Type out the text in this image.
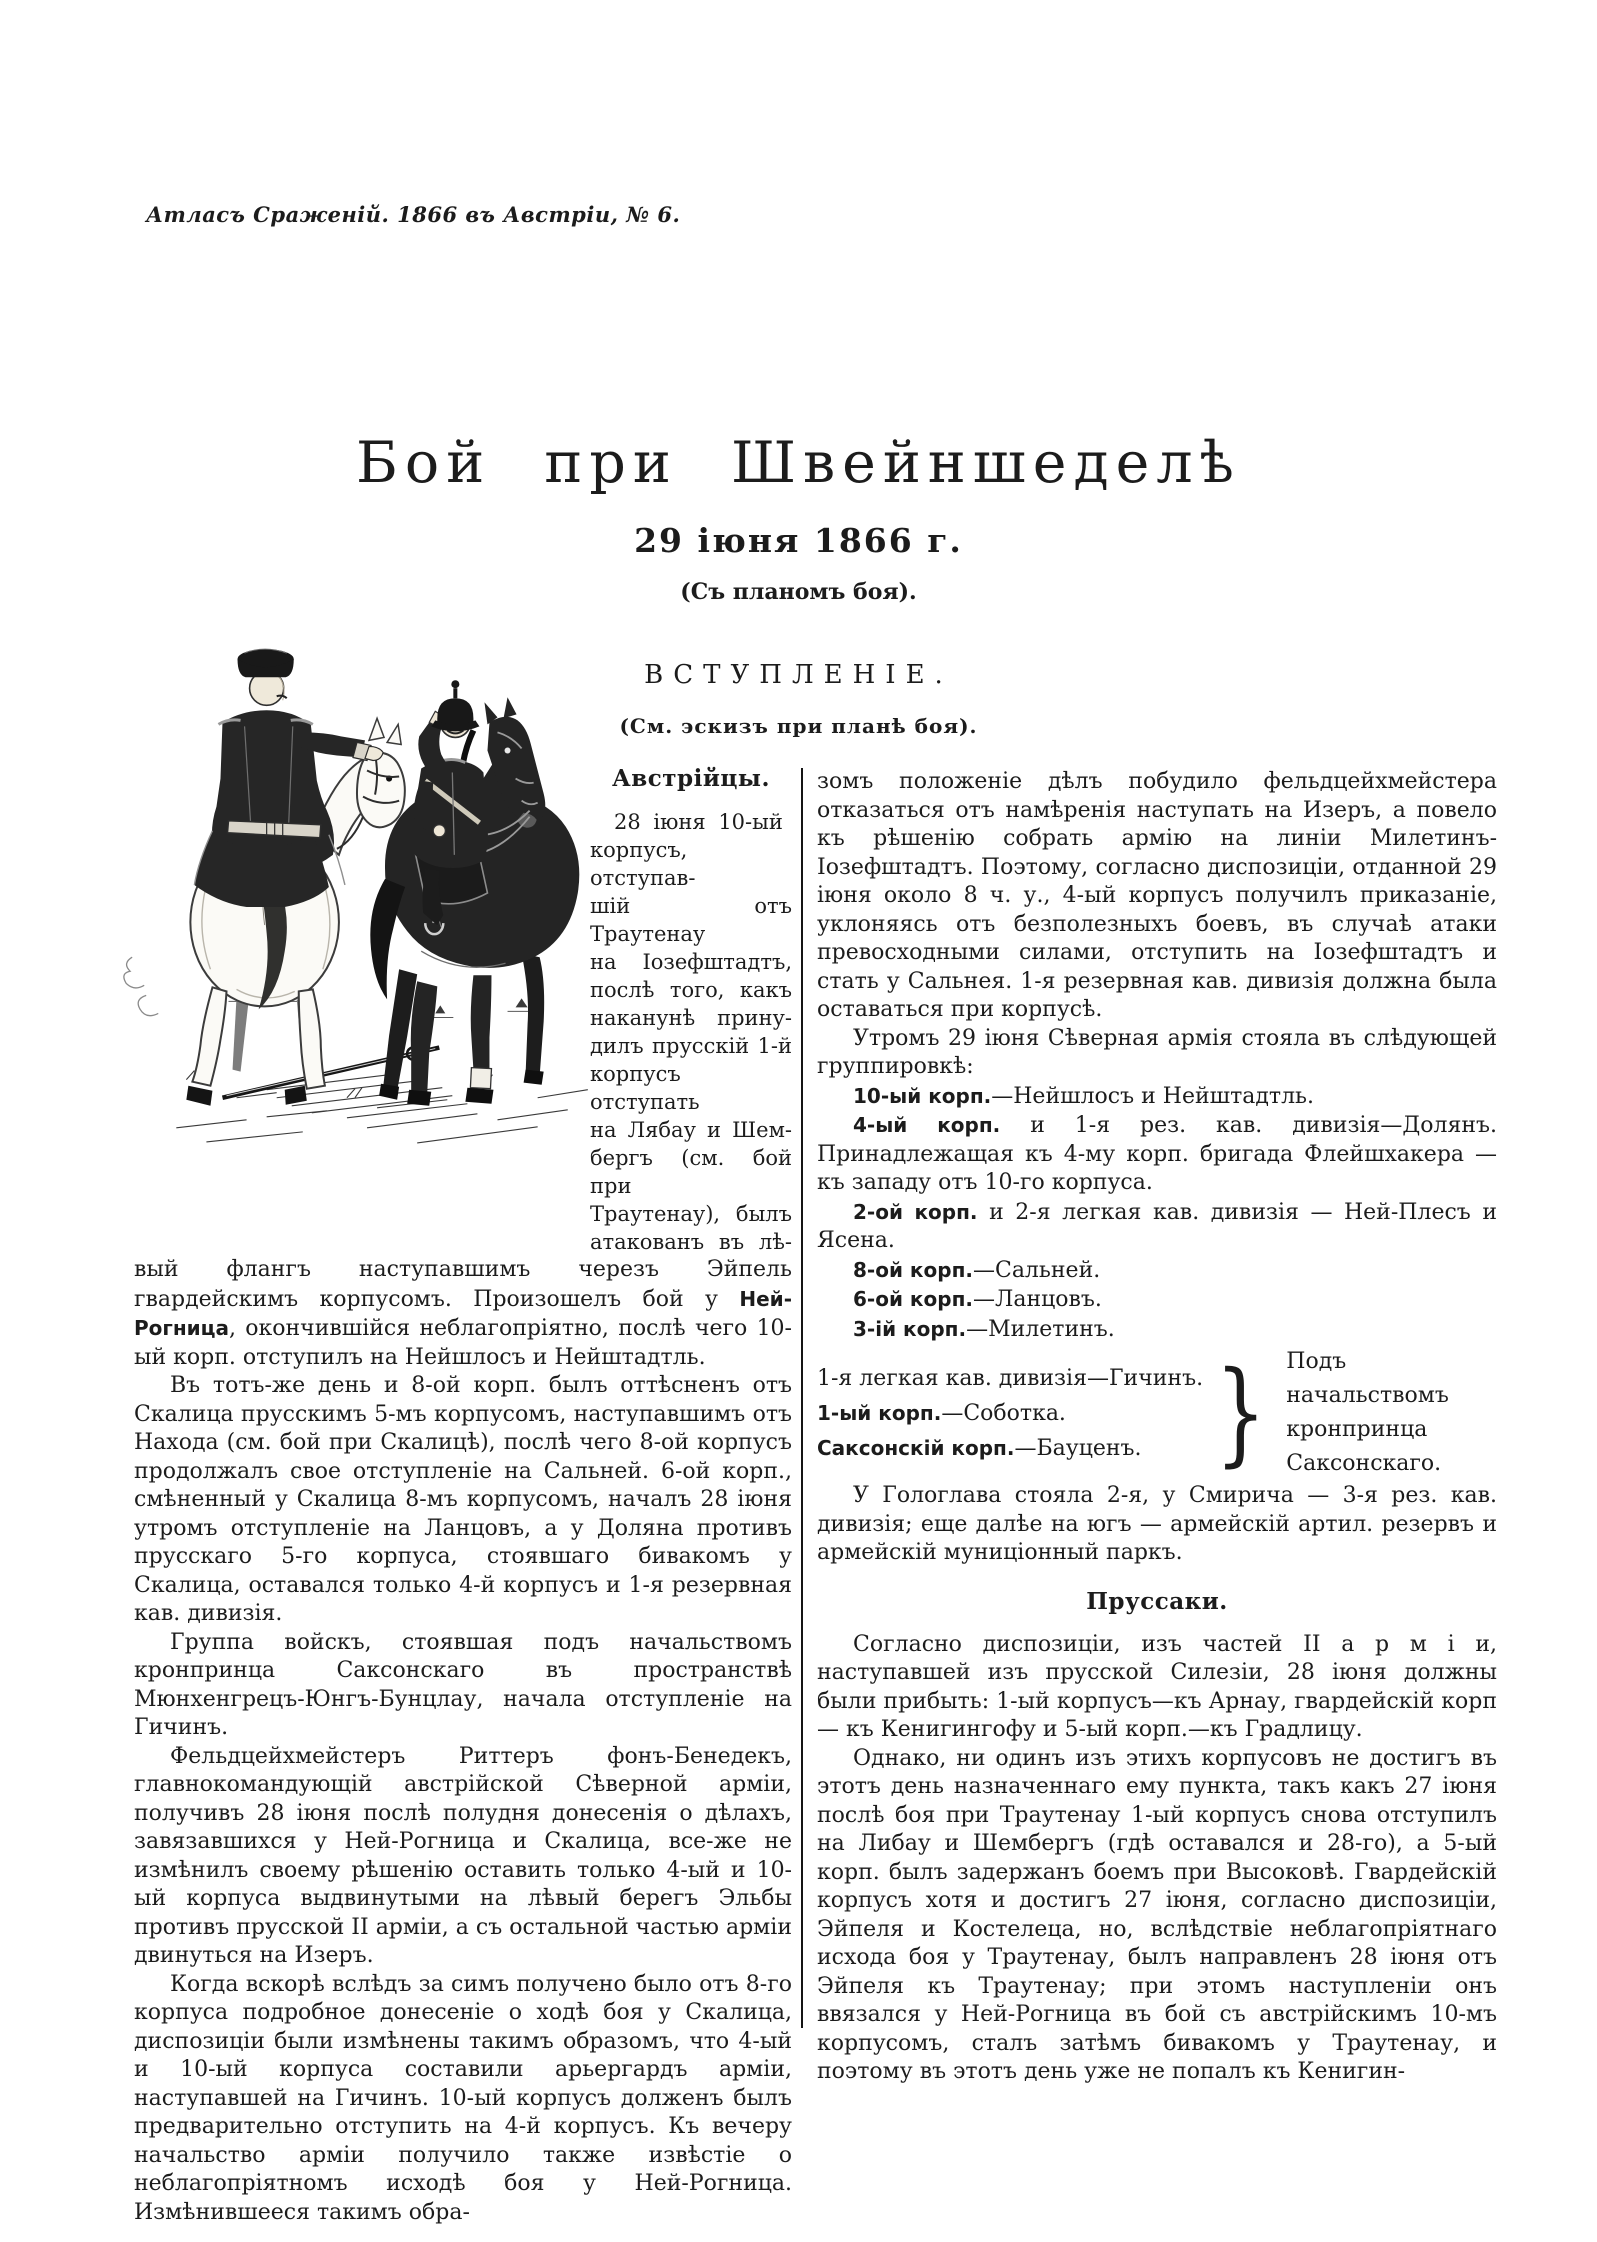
Атласъ Сраженій. 1866 въ Австріи, № 6.
Бой при Швейншеделѣ
29 іюня 1866 г.
(Съ планомъ боя).
ВСТУПЛЕНІЕ.
(См. эскизъ при планѣ боя).
Австрійцы.
28 іюня 10-ый
корпусъ, отступав-
шій отъ Траутенау
на Іозефштадтъ,
послѣ того, какъ
наканунѣ прину-
дилъ прусскій 1-й
корпусъ отступать
на Лябау и Шем-
бергъ (см. бой при
Траутенау), былъ
атакованъ въ лѣ-

вый флангъ наступавшимъ черезъ Эйпель гвардейскимъ корпусомъ. Произошелъ бой у Ней-Рогница, окончившійся неблагопріятно, послѣ чего 10-ый корп. отступилъ на Нейшлосъ и Нейштадтль.

Въ тотъ-же день и 8-ой корп. былъ оттѣсненъ отъ Скалица прусскимъ 5-мъ корпусомъ, наступавшимъ отъ Находа (см. бой при Скалицѣ), послѣ чего 8-ой корпусъ продолжалъ свое отступленіе на Сальней. 6-ой корп., смѣненный у Скалица 8-мъ корпусомъ, началъ 28 іюня утромъ отступленіе на Ланцовъ, а у Доляна противъ прусскаго 5-го корпуса, стоявшаго бивакомъ у Скалица, оставался только 4-й корпусъ и 1-я резервная кав. дивизія.

Группа войскъ, стоявшая подъ начальствомъ кронпринца Саксонскаго въ пространствѣ Мюнхенгрецъ-Юнгъ-Бунцлау, начала отступленіе на Гичинъ.

Фельдцейхмейстеръ Риттеръ фонъ-Бенедекъ, главнокомандующій австрійской Сѣверной арміи, получивъ 28 іюня послѣ полудня донесенія о дѣлахъ, завязавшихся у Ней-Рогница и Скалица, все-же не измѣнилъ своему рѣшенію оставить только 4-ый и 10-ый корпуса выдвинутыми на лѣвый берегъ Эльбы противъ прусской II арміи, а съ остальной частью арміи двинуться на Изеръ.

Когда вскорѣ вслѣдъ за симъ получено было отъ 8-го корпуса подробное донесеніе о ходѣ боя у Скалица, диспозиціи были измѣнены такимъ образомъ, что 4-ый и 10-ый корпуса составили арьергардъ арміи, наступавшей на Гичинъ. 10-ый корпусъ долженъ былъ предварительно отступить на 4-й корпусъ. Къ вечеру начальство арміи получило также извѣстіе о неблагопріятномъ исходѣ боя у Ней-Рогница. Измѣнившееся такимъ обра-

зомъ положеніе дѣлъ побудило фельдцейхмейстера отказаться отъ намѣренія наступать на Изеръ, а повело къ рѣшенію собрать армію на линіи Милетинъ-Іозефштадтъ. Поэтому, согласно диспозиціи, отданной 29 іюня около 8 ч. у., 4-ый корпусъ получилъ приказаніе, уклоняясь отъ безполезныхъ боевъ, въ случаѣ атаки превосходными силами, отступить на Іозефштадтъ и стать у Сальнея. 1-я резервная кав. дивизія должна была оставаться при корпусѣ.

Утромъ 29 іюня Сѣверная армія стояла въ слѣдующей группировкѣ:

10-ый корп.—Нейшлосъ и Нейштадтль.

4-ый корп. и 1-я рез. кав. дивизія—Долянъ. Принадлежащая къ 4-му корп. бригада Флейшхакера — къ западу отъ 10-го корпуса.

2-ой корп. и 2-я легкая кав. дивизія — Ней-Плесъ и Ясена.

8-ой корп.—Сальней.

6-ой корп.—Ланцовъ.

3-ій корп.—Милетинъ.

1-я легкая кав. дивизія—Гичинъ.
1-ый корп.—Соботка.
Саксонскій корп.—Бауценъ. } Подъ начальствомъ
кронпринца
Саксонскаго.

У Гологлава стояла 2-я, у Смирича — 3-я рез. кав. дивизія; еще далѣе на югъ — армейскій артил. резервъ и армейскій муниціонный паркъ.

Пруссаки.

Согласно диспозиціи, изъ частей II а р м і и, наступавшей изъ прусской Силезіи, 28 іюня должны были прибыть: 1-ый корпусъ—къ Арнау, гвардейскій корп — къ Кенигингофу и 5-ый корп.—къ Градлицу.

Однако, ни одинъ изъ этихъ корпусовъ не достигъ въ этотъ день назначеннаго ему пункта, такъ какъ 27 іюня послѣ боя при Траутенау 1-ый корпусъ снова отступилъ на Либау и Шембергъ (гдѣ оставался и 28-го), а 5-ый корп. былъ задержанъ боемъ при Высоковѣ. Гвардейскій корпусъ хотя и достигъ 27 іюня, согласно диспозиціи, Эйпеля и Костелеца, но, вслѣдствіе неблагопріятнаго исхода боя у Траутенау, былъ направленъ 28 іюня отъ Эйпеля къ Траутенау; при этомъ наступленіи онъ ввязался у Ней-Рогница въ бой съ австрійскимъ 10-мъ корпусомъ, сталъ затѣмъ бивакомъ у Траутенау, и поэтому въ этотъ день уже не попалъ къ Кенигин-
